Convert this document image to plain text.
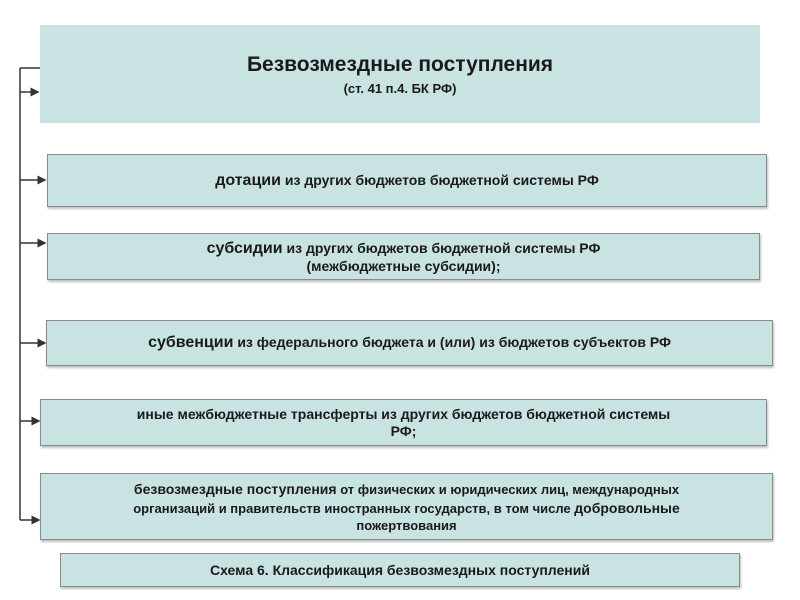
Безвозмездные поступления
(ст. 41 п.4. БК РФ)
дотации из других бюджетов бюджетной системы РФ
субсидии из других бюджетов бюджетной системы РФ
(межбюджетные субсидии);
субвенции из федерального бюджета и (или) из бюджетов субъектов РФ
иные межбюджетные трансферты из других бюджетов бюджетной системы
РФ;
безвозмездные поступления от физических и юридических лиц, международных
организаций и правительств иностранных государств, в том числе добровольные
пожертвования
Схема 6. Классификация безвозмездных поступлений
